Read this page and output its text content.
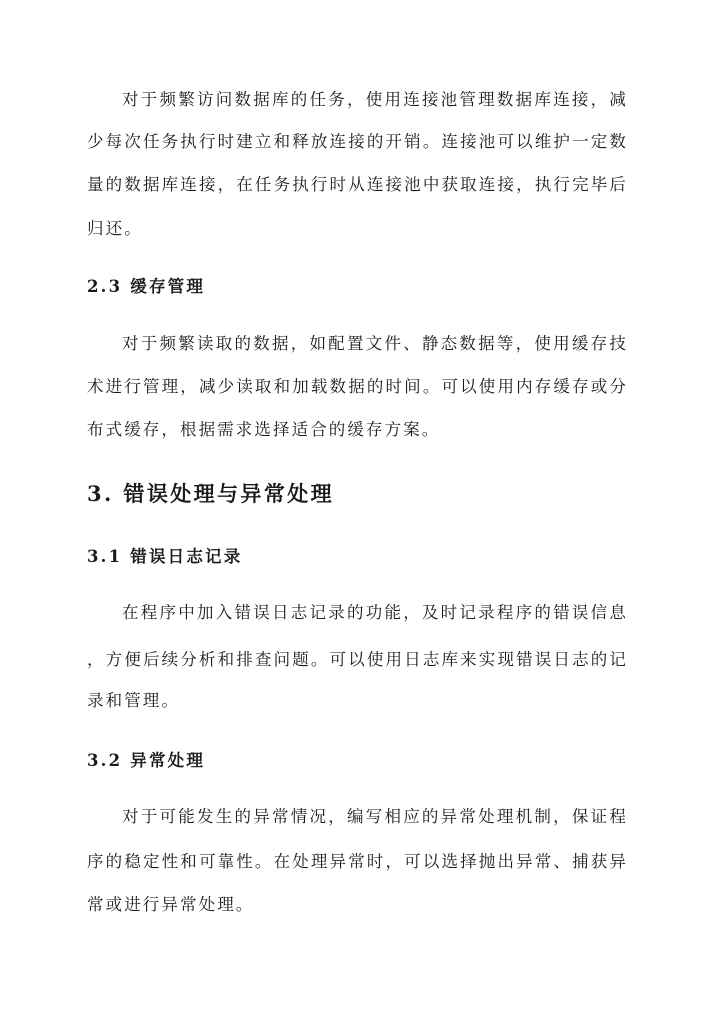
对于频繁访问数据库的任务，使用连接池管理数据库连接，减
少每次任务执行时建立和释放连接的开销。连接池可以维护一定数
量的数据库连接，在任务执行时从连接池中获取连接，执行完毕后
归还。
2.3 缓存管理
对于频繁读取的数据，如配置文件、静态数据等，使用缓存技
术进行管理，减少读取和加载数据的时间。可以使用内存缓存或分
布式缓存，根据需求选择适合的缓存方案。
3. 错误处理与异常处理
3.1 错误日志记录
在程序中加入错误日志记录的功能，及时记录程序的错误信息
，方便后续分析和排查问题。可以使用日志库来实现错误日志的记
录和管理。
3.2 异常处理
对于可能发生的异常情况，编写相应的异常处理机制，保证程
序的稳定性和可靠性。在处理异常时，可以选择抛出异常、捕获异
常或进行异常处理。
